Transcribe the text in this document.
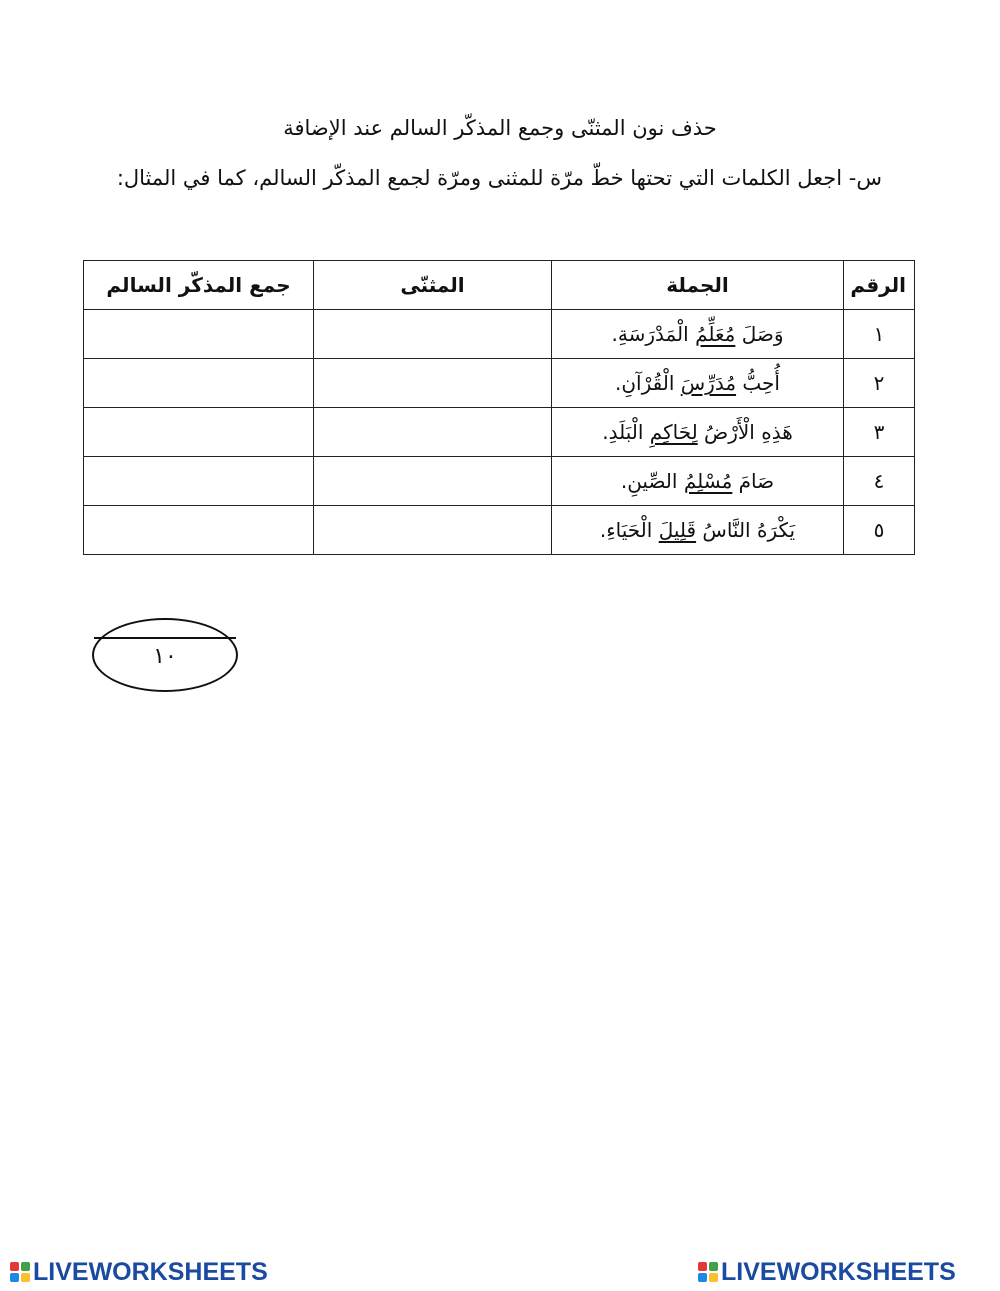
حذف نون المثنّى وجمع المذكّر السالم عند الإضافة
س- اجعل الكلمات التي تحتها خطّ مرّة للمثنى ومرّة لجمع المذكّر السالم، كما في المثال:
الرقم	الجملة	المثنّى	جمع المذكّر السالم
١	وَصَلَ مُعَلِّمُ الْمَدْرَسَةِ.		
٢	أُحِبُّ مُدَرِّسَ الْقُرْآنِ.		
٣	هَذِهِ الْأَرْضُ لِحَاكِمِ الْبَلَدِ.		
٤	صَامَ مُسْلِمُ الصِّينِ.		
٥	يَكْرَهُ النَّاسُ قَلِيلَ الْحَيَاءِ.		
١٠
LIVEWORKSHEETS	LIVEWORKSHEETS
